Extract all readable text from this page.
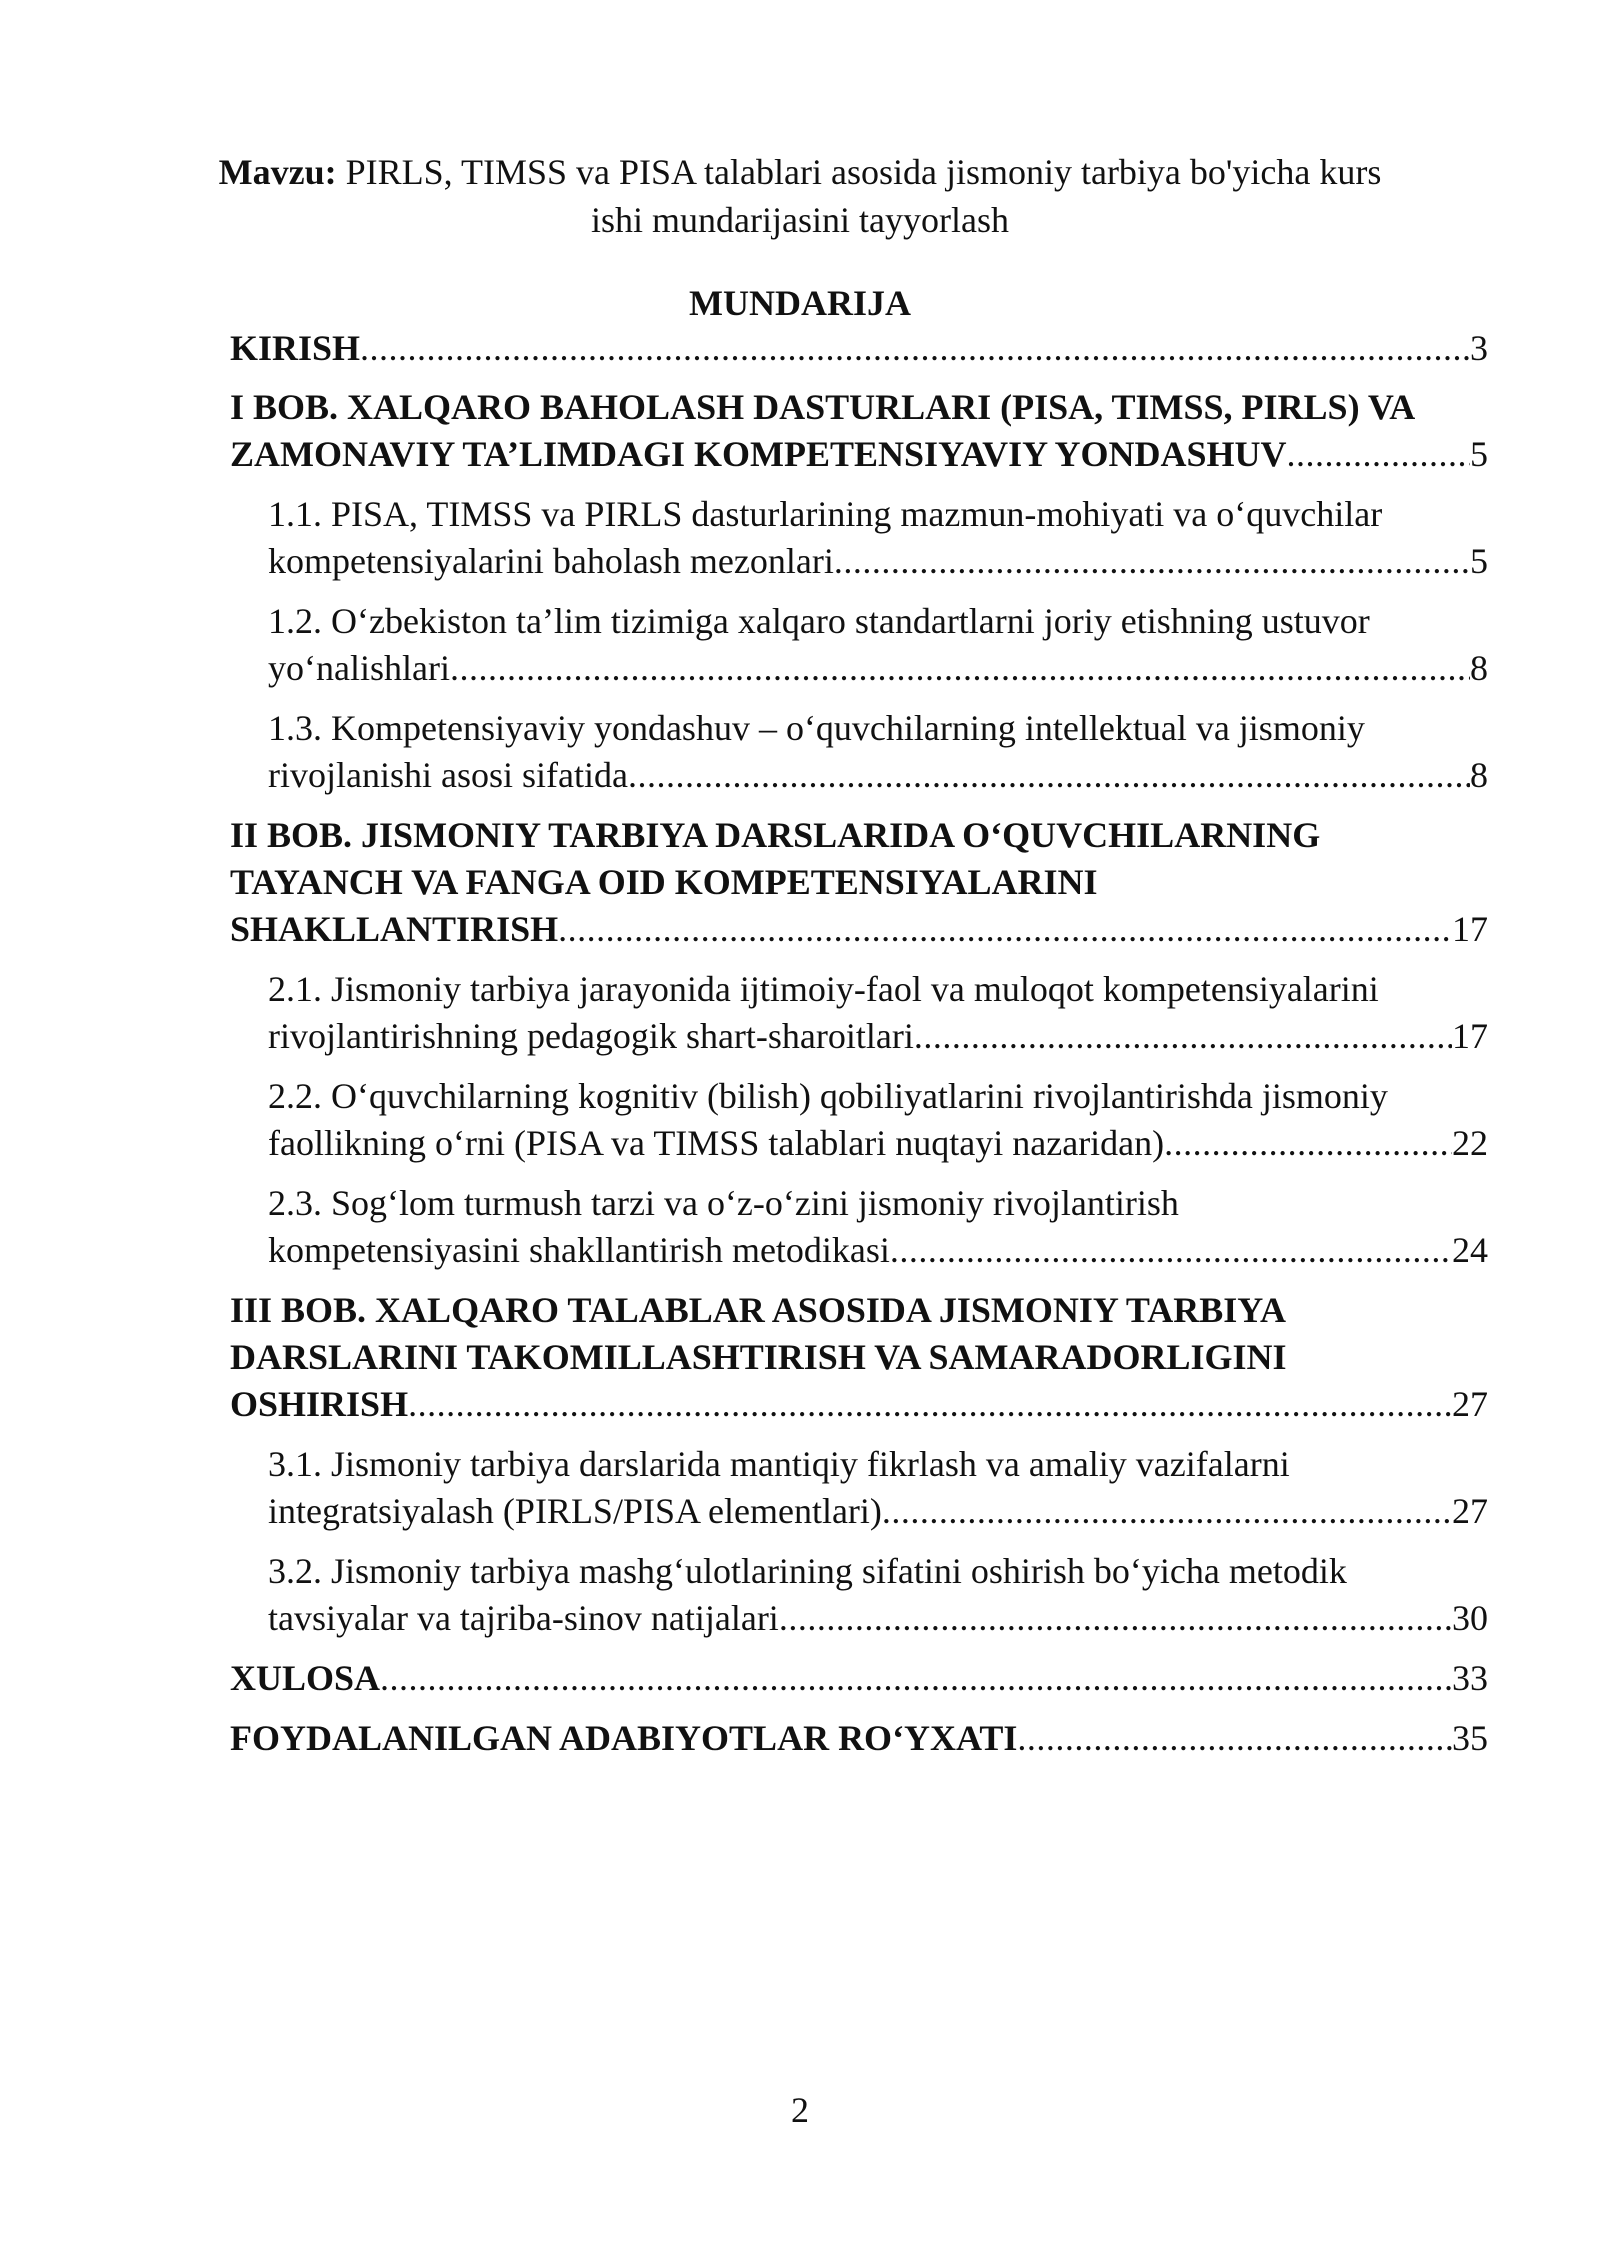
Mavzu: PIRLS, TIMSS va PISA talablari asosida jismoniy tarbiya bo'yicha kurs
ishi mundarijasini tayyorlash
MUNDARIJA
KIRISH .....	3
I BOB. XALQARO BAHOLASH DASTURLARI (PISA, TIMSS, PIRLS) VA
ZAMONAVIY TA’LIMDAGI KOMPETENSIYAVIY YONDASHUV .....	5
1.1. PISA, TIMSS va PIRLS dasturlarining mazmun-mohiyati va o‘quvchilar
kompetensiyalarini baholash mezonlari .....	5
1.2. O‘zbekiston ta’lim tizimiga xalqaro standartlarni joriy etishning ustuvor
yo‘nalishlari .....	8
1.3. Kompetensiyaviy yondashuv – o‘quvchilarning intellektual va jismoniy
rivojlanishi asosi sifatida .....	8
II BOB. JISMONIY TARBIYA DARSLARIDA O‘QUVCHILARNING
TAYANCH VA FANGA OID KOMPETENSIYALARINI
SHAKLLANTIRISH .....	17
2.1. Jismoniy tarbiya jarayonida ijtimoiy-faol va muloqot kompetensiyalarini
rivojlantirishning pedagogik shart-sharoitlari .....	17
2.2. O‘quvchilarning kognitiv (bilish) qobiliyatlarini rivojlantirishda jismoniy
faollikning o‘rni (PISA va TIMSS talablari nuqtayi nazaridan) .....	22
2.3. Sog‘lom turmush tarzi va o‘z-o‘zini jismoniy rivojlantirish
kompetensiyasini shakllantirish metodikasi .....	24
III BOB. XALQARO TALABLAR ASOSIDA JISMONIY TARBIYA
DARSLARINI TAKOMILLASHTIRISH VA SAMARADORLIGINI
OSHIRISH .....	27
3.1. Jismoniy tarbiya darslarida mantiqiy fikrlash va amaliy vazifalarni
integratsiyalash (PIRLS/PISA elementlari) .....	27
3.2. Jismoniy tarbiya mashg‘ulotlarining sifatini oshirish bo‘yicha metodik
tavsiyalar va tajriba-sinov natijalari .....	30
XULOSA .....	33
FOYDALANILGAN ADABIYOTLAR RO‘YXATI .....	35
2
